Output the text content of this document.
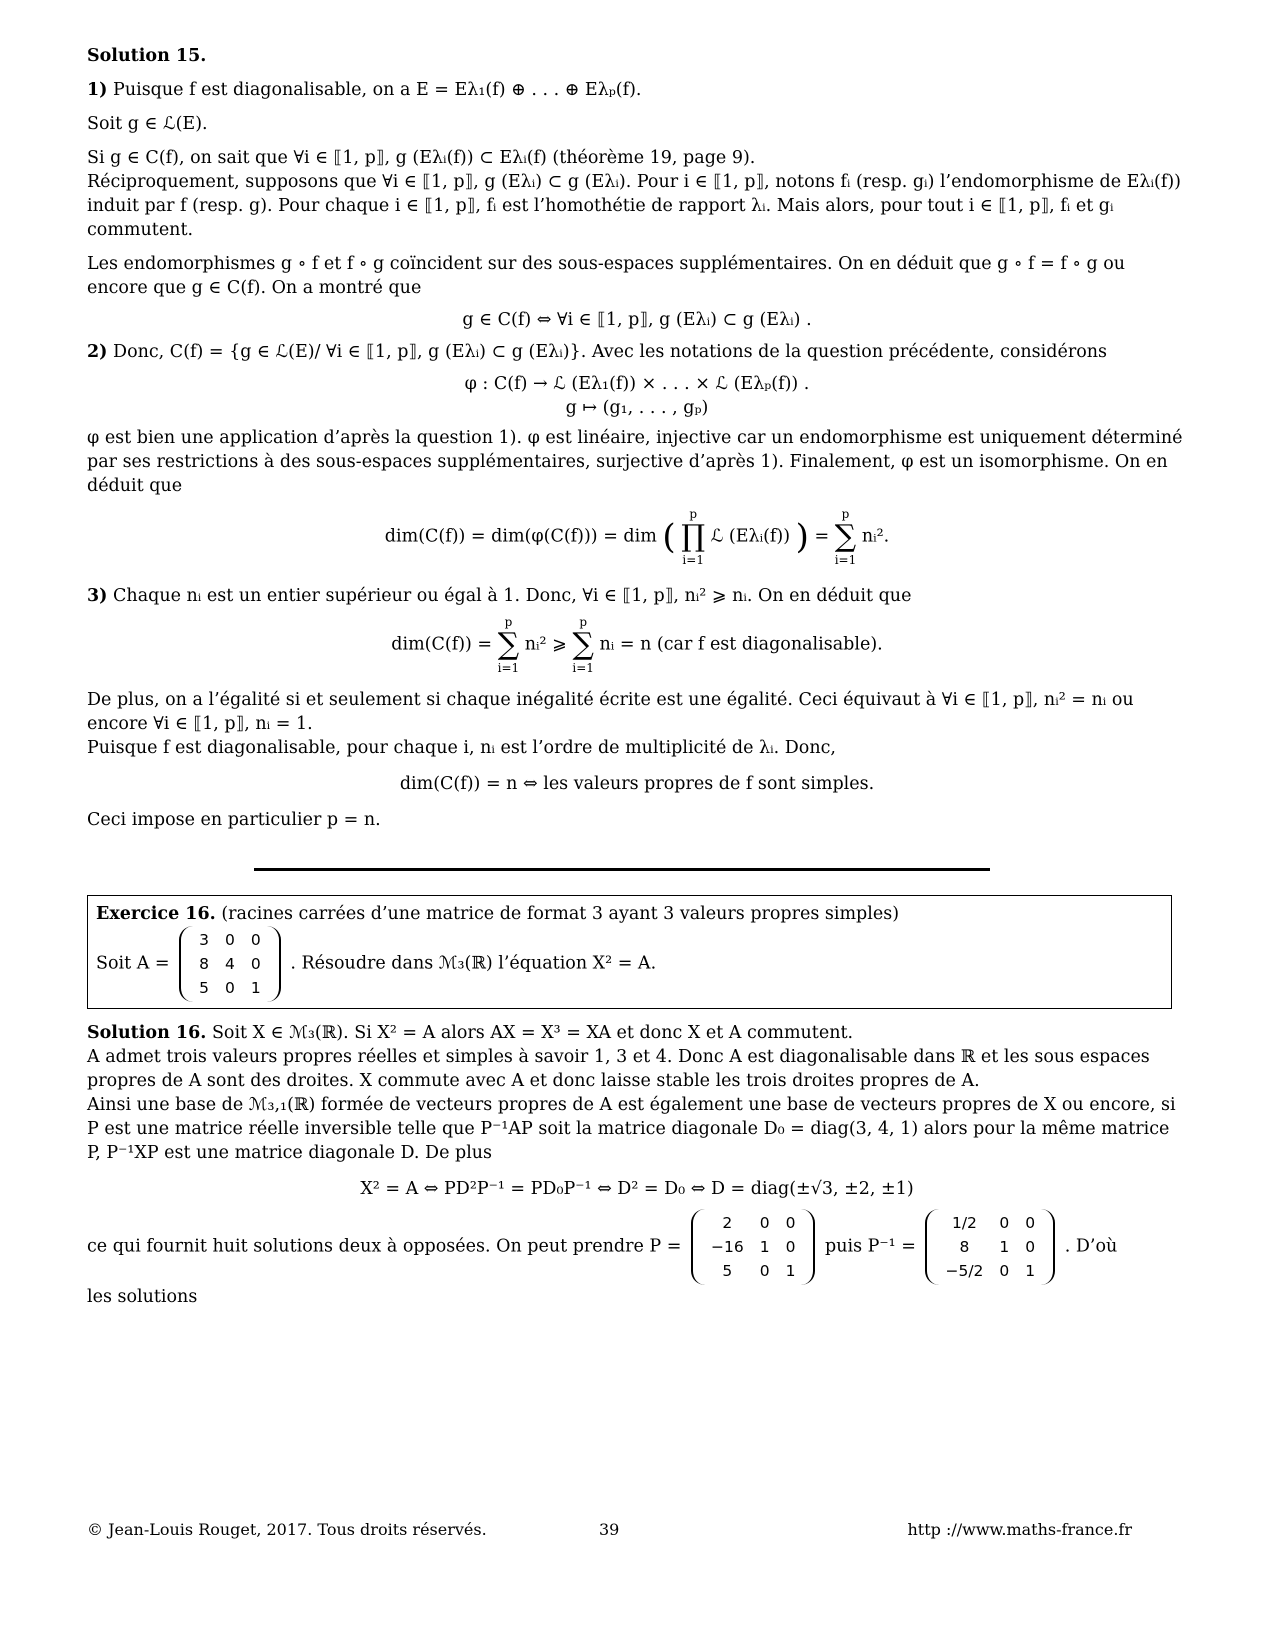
Solution 15.

1) Puisque f est diagonalisable, on a E = Eλ₁(f) ⊕ . . . ⊕ Eλₚ(f).

Soit g ∈ ℒ(E).

Si g ∈ C(f), on sait que ∀i ∈ ⟦1, p⟧, g (Eλᵢ(f)) ⊂ Eλᵢ(f) (théorème 19, page 9).

Réciproquement, supposons que ∀i ∈ ⟦1, p⟧, g (Eλᵢ) ⊂ g (Eλᵢ). Pour i ∈ ⟦1, p⟧, notons fᵢ (resp. gᵢ) l’endomorphisme de Eλᵢ(f)) induit par f (resp. g). Pour chaque i ∈ ⟦1, p⟧, fᵢ est l’homothétie de rapport λᵢ. Mais alors, pour tout i ∈ ⟦1, p⟧, fᵢ et gᵢ commutent.

Les endomorphismes g ∘ f et f ∘ g coïncident sur des sous-espaces supplémentaires. On en déduit que g ∘ f = f ∘ g ou encore que g ∈ C(f). On a montré que

g ∈ C(f) ⇔ ∀i ∈ ⟦1, p⟧, g (Eλᵢ) ⊂ g (Eλᵢ) .

2) Donc, C(f) = {g ∈ ℒ(E)/ ∀i ∈ ⟦1, p⟧, g (Eλᵢ) ⊂ g (Eλᵢ)}. Avec les notations de la question précédente, considérons

φ : C(f) → ℒ (Eλ₁(f)) × . . . × ℒ (Eλₚ(f)) .
g ↦ (g₁, . . . , gₚ)

φ est bien une application d’après la question 1). φ est linéaire, injective car un endomorphisme est uniquement déterminé par ses restrictions à des sous-espaces supplémentaires, surjective d’après 1). Finalement, φ est un isomorphisme. On en déduit que

dim(C(f)) = dim(φ(C(f))) = dim (
p
∏
i=1
ℒ (Eλᵢ(f)) ) =
p
∑
i=1
nᵢ².

3) Chaque nᵢ est un entier supérieur ou égal à 1. Donc, ∀i ∈ ⟦1, p⟧, nᵢ² ⩾ nᵢ. On en déduit que

dim(C(f)) =
p
∑
i=1
nᵢ² ⩾
p
∑
i=1
nᵢ = n (car f est diagonalisable).

De plus, on a l’égalité si et seulement si chaque inégalité écrite est une égalité. Ceci équivaut à ∀i ∈ ⟦1, p⟧, nᵢ² = nᵢ ou encore ∀i ∈ ⟦1, p⟧, nᵢ = 1.

Puisque f est diagonalisable, pour chaque i, nᵢ est l’ordre de multiplicité de λᵢ. Donc,

dim(C(f)) = n ⇔ les valeurs propres de f sont simples.

Ceci impose en particulier p = n.

Exercice 16. (racines carrées d’une matrice de format 3 ayant 3 valeurs propres simples)
Soit A =
3	0	0
8	4	0
5	0	1
. Résoudre dans ℳ₃(ℝ) l’équation X² = A.

Solution 16. Soit X ∈ ℳ₃(ℝ). Si X² = A alors AX = X³ = XA et donc X et A commutent.

A admet trois valeurs propres réelles et simples à savoir 1, 3 et 4. Donc A est diagonalisable dans ℝ et les sous espaces propres de A sont des droites. X commute avec A et donc laisse stable les trois droites propres de A.

Ainsi une base de ℳ₃,₁(ℝ) formée de vecteurs propres de A est également une base de vecteurs propres de X ou encore, si P est une matrice réelle inversible telle que P⁻¹AP soit la matrice diagonale D₀ = diag(3, 4, 1) alors pour la même matrice P, P⁻¹XP est une matrice diagonale D. De plus

X² = A ⇔ PD²P⁻¹ = PD₀P⁻¹ ⇔ D² = D₀ ⇔ D = diag(±√3, ±2, ±1)
ce qui fournit huit solutions deux à opposées. On peut prendre P =
2	0	0
−16	1	0
5	0	1
puis P⁻¹ =
1/2	0	0
8	1	0
−5/2	0	1
. D’où

les solutions

© Jean-Louis Rouget, 2017. Tous droits réservés.	39	http ://www.maths-france.fr
